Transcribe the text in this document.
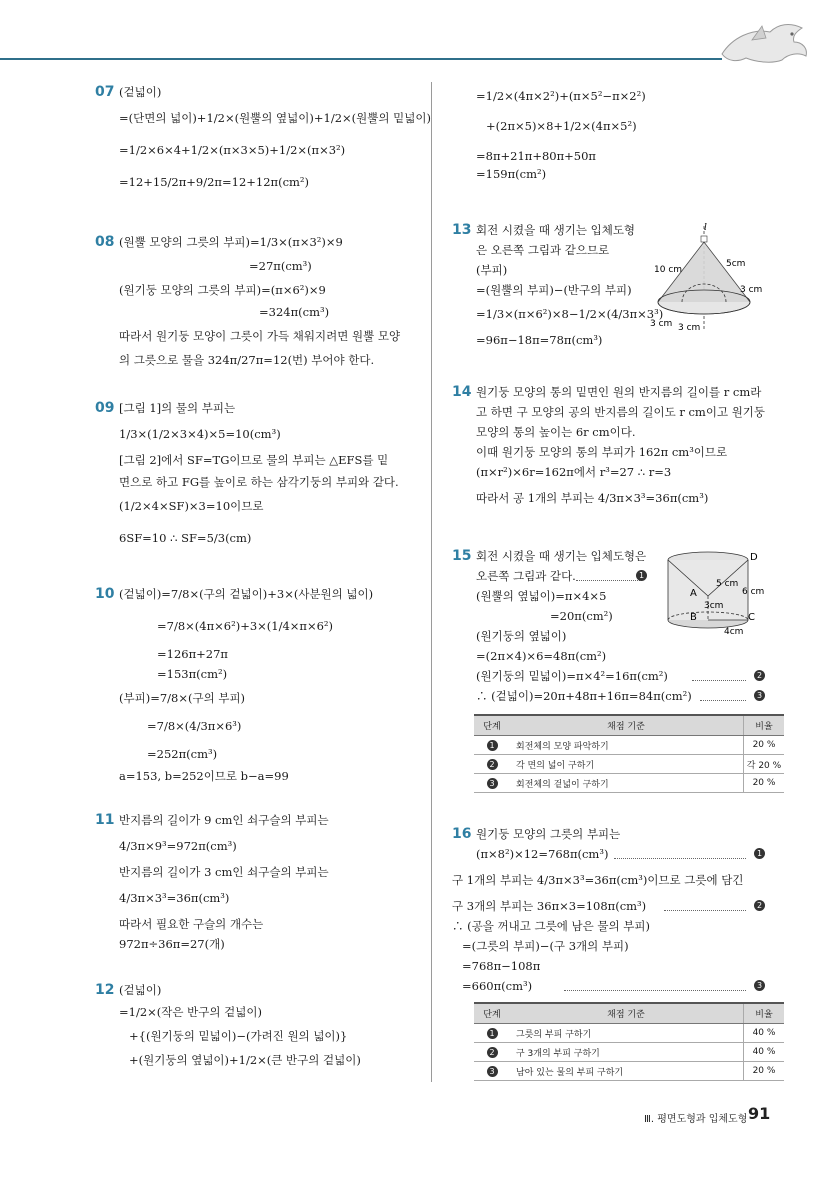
07 (겉넓이)
=(단면의 넓이)+1/2×(원뿔의 옆넓이)+1/2×(원뿔의 밑넓이)
=1/2×6×4+1/2×(π×3×5)+1/2×(π×3²)
=12+15/2π+9/2π=12+12π(cm²)
08 (원뿔 모양의 그릇의 부피)=1/3×(π×3²)×9
=27π(cm³)
(원기둥 모양의 그릇의 부피)=(π×6²)×9
=324π(cm³)
따라서 원기둥 모양이 그릇이 가득 채워지려면 원뿔 모양
의 그릇으로 물을 324π/27π=12(번) 부어야 한다.
09 [그림 1]의 물의 부피는
1/3×(1/2×3×4)×5=10(cm³)
[그림 2]에서 SF=TG이므로 물의 부피는 △EFS를 밑
면으로 하고 FG를 높이로 하는 삼각기둥의 부피와 같다.
(1/2×4×SF)×3=10이므로
6SF=10 ∴ SF=5/3(cm)
10 (겉넓이)=7/8×(구의 겉넓이)+3×(사분원의 넓이)
=7/8×(4π×6²)+3×(1/4×π×6²)
=126π+27π
=153π(cm²)
(부피)=7/8×(구의 부피)
=7/8×(4/3π×6³)
=252π(cm³)
a=153, b=252이므로 b−a=99
11 반지름의 길이가 9 cm인 쇠구슬의 부피는
4/3π×9³=972π(cm³)
반지름의 길이가 3 cm인 쇠구슬의 부피는
4/3π×3³=36π(cm³)
따라서 필요한 구슬의 개수는
972π÷36π=27(개)
12 (겉넓이)
=1/2×(작은 반구의 겉넓이)
+{(원기둥의 밑넓이)−(가려진 원의 넓이)}
+(원기둥의 옆넓이)+1/2×(큰 반구의 겉넓이)
=1/2×(4π×2²)+(π×5²−π×2²)
+(2π×5)×8+1/2×(4π×5²)
=8π+21π+80π+50π
=159π(cm²)
13 회전 시켰을 때 생기는 입체도형
은 오른쪽 그림과 같으므로
(부피)
=(원뿔의 부피)−(반구의 부피)
=1/3×(π×6²)×8−1/2×(4/3π×3³)
=96π−18π=78π(cm³)
l
5cm
10 cm
3 cm
3 cm 3 cm
14 원기둥 모양의 통의 밑면인 원의 반지름의 길이를 r cm라
고 하면 구 모양의 공의 반지름의 길이도 r cm이고 원기둥
모양의 통의 높이는 6r cm이다.
이때 원기둥 모양의 통의 부피가 162π cm³이므로
(π×r²)×6r=162π에서 r³=27 ∴ r=3
따라서 공 1개의 부피는 4/3π×3³=36π(cm³)
15 회전 시켰을 때 생기는 입체도형은
오른쪽 그림과 같다.	1
(원뿔의 옆넓이)=π×4×5
=20π(cm²)
(원기둥의 옆넓이)
=(2π×4)×6=48π(cm²)
(원기둥의 밑넓이)=π×4²=16π(cm²)	2
∴ (겉넓이)=20π+48π+16π=84π(cm²)	3
D
A
B	C
5 cm
6 cm
3cm
4cm
단계	채점 기준	비율
1	회전체의 모양 파악하기	20 %
2	각 면의 넓이 구하기	각 20 %
3	회전체의 겉넓이 구하기	20 %
16 원기둥 모양의 그릇의 부피는
(π×8²)×12=768π(cm³)	1
구 1개의 부피는 4/3π×3³=36π(cm³)이므로 그릇에 담긴
구 3개의 부피는 36π×3=108π(cm³)	2
∴ (공을 꺼내고 그릇에 남은 물의 부피)
=(그릇의 부피)−(구 3개의 부피)
=768π−108π
=660π(cm³)	3
단계	채점 기준	비율
1	그릇의 부피 구하기	40 %
2	구 3개의 부피 구하기	40 %
3	남아 있는 물의 부피 구하기	20 %
Ⅲ. 평면도형과 입체도형 91
